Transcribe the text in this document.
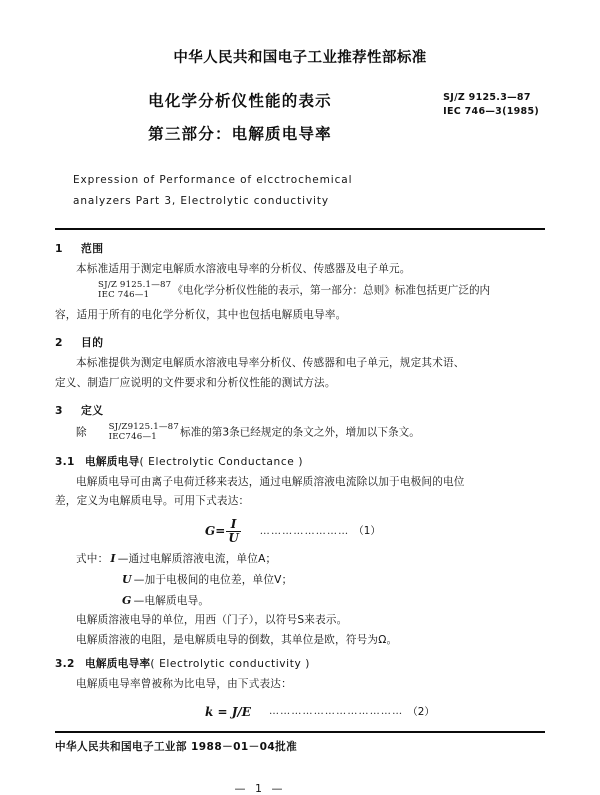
中华人民共和国电子工业推荐性部标准
电化学分析仪性能的表示
第三部分：电解质电导率
SJ/Z 9125.3—87
IEC 746—3(1985)
Expression of Performance of elcctrochemical
analyzers Part 3, Electrolytic conductivity
1 范围

本标准适用于测定电解质水溶液电导率的分析仪、传感器及电子单元。

SJ/Z 9125.1—87
IEC 746—1	《电化学分析仪性能的表示，第一部分：总则》标准包括更广泛的内

容，适用于所有的电化学分析仪，其中也包括电解质电导率。

2 目的

本标准提供为测定电解质水溶液电导率分析仪、传感器和电子单元，规定其术语、

定义、制造厂应说明的文件要求和分析仪性能的测试方法。

3 定义
除	SJ/Z9125.1—87
IEC746—1	标准的第3条已经规定的条文之外，增加以下条文。
3.1 电解质电导( Electrolytic Conductance )

电解质电导可由离子电荷迁移来表达，通过电解质溶液电流除以加于电极间的电位

差，定义为电解质电导。可用下式表达：

$G= \frac{I}{U}$ …………………… （1）

式中： I —通过电解质溶液电流，单位A；

U —加于电极间的电位差，单位V；

G —电解质电导。

电解质溶液电导的单位，用西（门子），以符号S来表示。

电解质溶液的电阻，是电解质电导的倒数，其单位是欧，符号为Ω。

3.2 电解质电导率( Electrolytic conductivity )

电解质电导率曾被称为比电导，由下式表达：

k = J/E ……………………………… （2）
中华人民共和国电子工业部 1988－01－04批准
— 1 —
